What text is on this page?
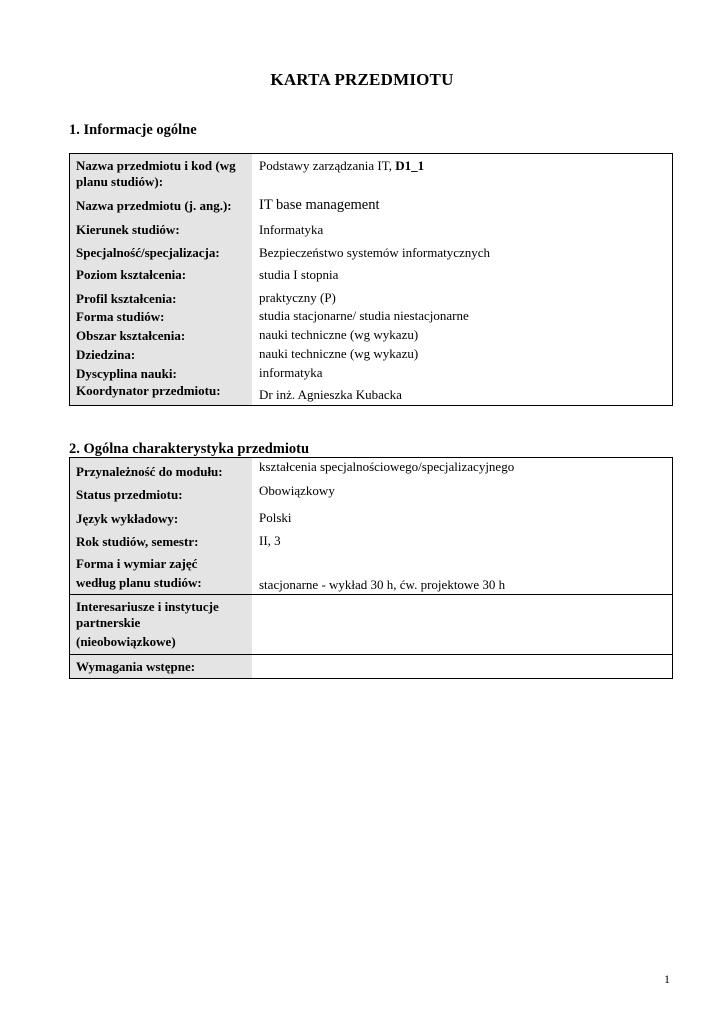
KARTA PRZEDMIOTU
1. Informacje ogólne
Nazwa przedmiotu i kod (wg planu studiów):
Podstawy zarządzania IT, D1_1
Nazwa przedmiotu (j. ang.):	IT base management
Kierunek studiów:	Informatyka
Specjalność/specjalizacja:	Bezpieczeństwo systemów informatycznych
Poziom kształcenia:	studia I stopnia
Profil kształcenia:	praktyczny (P)
Forma studiów:	studia stacjonarne/ studia niestacjonarne
Obszar kształcenia:	nauki techniczne (wg wykazu)
Dziedzina:	nauki techniczne (wg wykazu)
Dyscyplina nauki:	informatyka
Koordynator przedmiotu:	Dr inż. Agnieszka Kubacka
2. Ogólna charakterystyka przedmiotu
Przynależność do modułu:	kształcenia specjalnościowego/specjalizacyjnego
Status przedmiotu:	Obowiązkowy
Język wykładowy:	Polski
Rok studiów, semestr:	II, 3
Forma i wymiar zajęć
według planu studiów:	stacjonarne - wykład 30 h, ćw. projektowe 30 h
Interesariusze i instytucje partnerskie
(nieobowiązkowe)
Wymagania wstępne:
1
